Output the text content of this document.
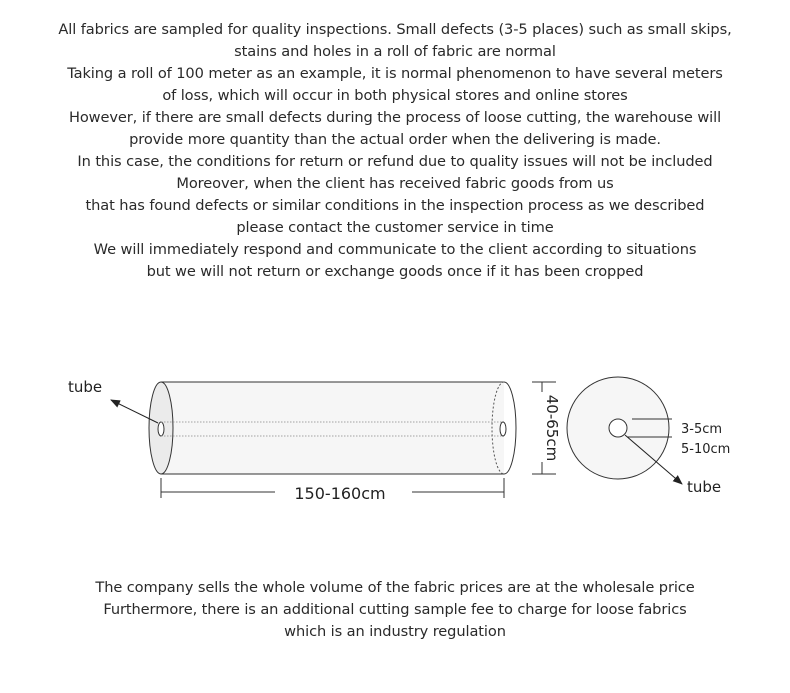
All fabrics are sampled for quality inspections. Small defects (3-5 places) such as small skips,

stains and holes in a roll of fabric are normal

Taking a roll of 100 meter as an example, it is normal phenomenon to have several meters

of loss, which will occur in both physical stores and online stores

However, if there are small defects during the process of loose cutting, the warehouse will

provide more quantity than the actual order when the delivering is made.

In this case, the conditions for return or refund due to quality issues will not be included

Moreover, when the client has received fabric goods from us

that has found defects or similar conditions in the inspection process as we described

please contact the customer service in time

We will immediately respond and communicate to the client according to situations

but we will not return or exchange goods once if it has been cropped

tube
150-160cm
40-65cm	3-5cm
5-10cm
tube

The company sells the whole volume of the fabric prices are at the wholesale price

Furthermore, there is an additional cutting sample fee to charge for loose fabrics

which is an industry regulation
